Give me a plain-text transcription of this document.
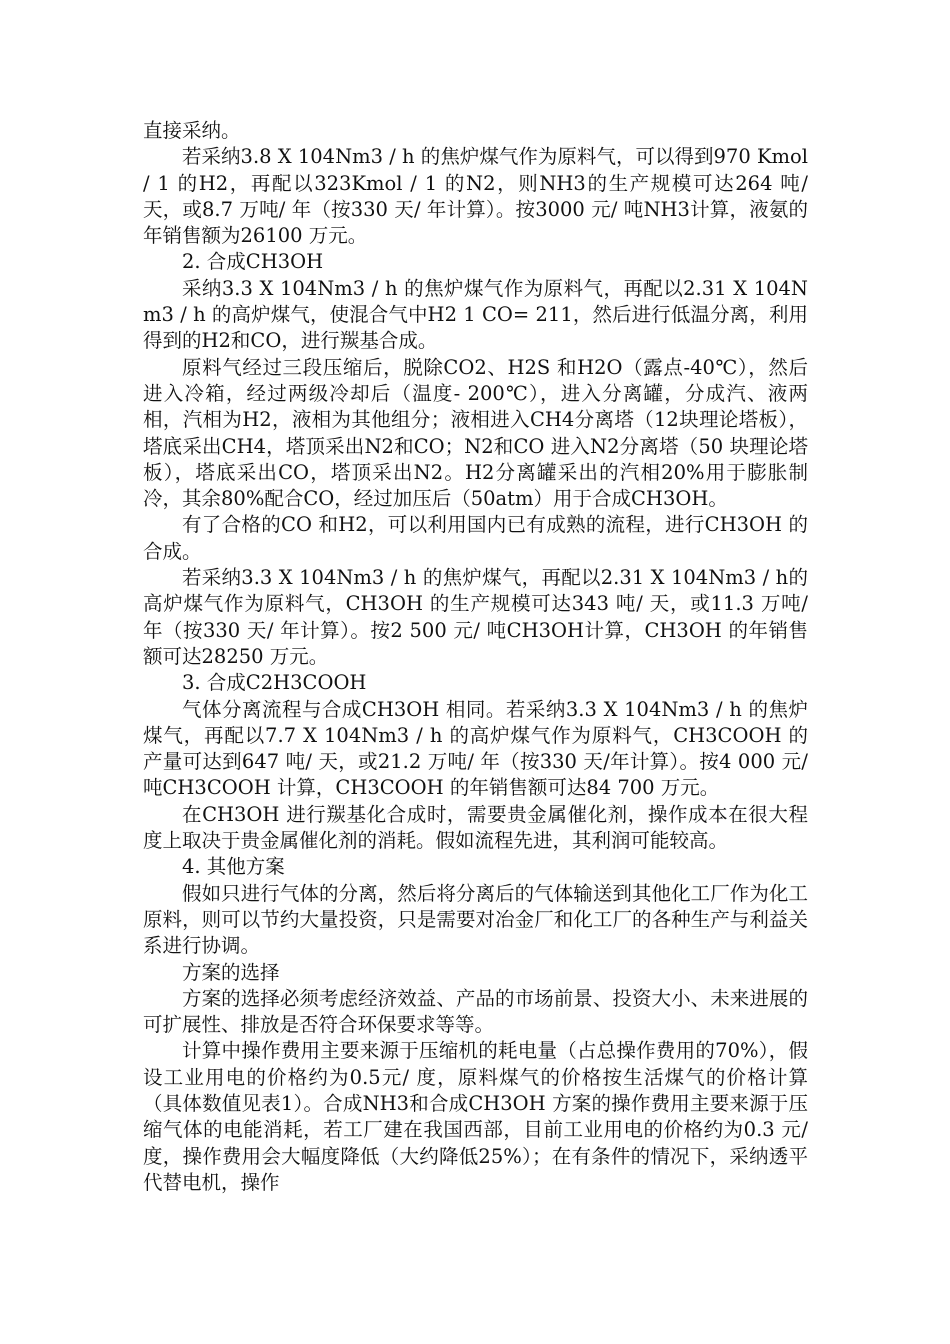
直接采纳。

若采纳3.8 X 104Nm3 / h 的焦炉煤气作为原料气，可以得到970 Kmol / 1 的H2，再配以323Kmol / 1 的N2，则NH3的生产规模可达264 吨/ 天，或8.7 万吨/ 年（按330 天/ 年计算）。按3000 元/ 吨NH3计算，液氨的年销售额为26100 万元。

2. 合成CH3OH

采纳3.3 X 104Nm3 / h 的焦炉煤气作为原料气，再配以2.31 X 104Nm3 / h 的高炉煤气，使混合气中H2 1 CO= 211，然后进行低温分离，利用得到的H2和CO，进行羰基合成。

原料气经过三段压缩后，脱除CO2、H2S 和H2O（露点-40℃），然后进入冷箱，经过两级冷却后（温度- 200℃），进入分离罐，分成汽、液两相，汽相为H2，液相为其他组分；液相进入CH4分离塔（12块理论塔板），塔底采出CH4，塔顶采出N2和CO；N2和CO 进入N2分离塔（50 块理论塔板），塔底采出CO，塔顶采出N2。H2分离罐采出的汽相20%用于膨胀制冷，其余80%配合CO，经过加压后（50atm）用于合成CH3OH。

有了合格的CO 和H2，可以利用国内已有成熟的流程，进行CH3OH 的合成。

若采纳3.3 X 104Nm3 / h 的焦炉煤气，再配以2.31 X 104Nm3 / h的高炉煤气作为原料气，CH3OH 的生产规模可达343 吨/ 天，或11.3 万吨/ 年（按330 天/ 年计算）。按2 500 元/ 吨CH3OH计算，CH3OH 的年销售额可达28250 万元。

3. 合成C2H3COOH

气体分离流程与合成CH3OH 相同。若采纳3.3 X 104Nm3 / h 的焦炉煤气，再配以7.7 X 104Nm3 / h 的高炉煤气作为原料气，CH3COOH 的产量可达到647 吨/ 天，或21.2 万吨/ 年（按330 天/年计算）。按4 000 元/ 吨CH3COOH 计算，CH3COOH 的年销售额可达84 700 万元。

在CH3OH 进行羰基化合成时，需要贵金属催化剂，操作成本在很大程度上取决于贵金属催化剂的消耗。假如流程先进，其利润可能较高。

4. 其他方案

假如只进行气体的分离，然后将分离后的气体输送到其他化工厂作为化工原料，则可以节约大量投资，只是需要对冶金厂和化工厂的各种生产与利益关系进行协调。

方案的选择

方案的选择必须考虑经济效益、产品的市场前景、投资大小、未来进展的可扩展性、排放是否符合环保要求等等。

计算中操作费用主要来源于压缩机的耗电量（占总操作费用的70%），假设工业用电的价格约为0.5元/ 度，原料煤气的价格按生活煤气的价格计算（具体数值见表1）。合成NH3和合成CH3OH 方案的操作费用主要来源于压缩气体的电能消耗，若工厂建在我国西部，目前工业用电的价格约为0.3 元/ 度，操作费用会大幅度降低（大约降低25%）；在有条件的情况下，采纳透平代替电机，操作
